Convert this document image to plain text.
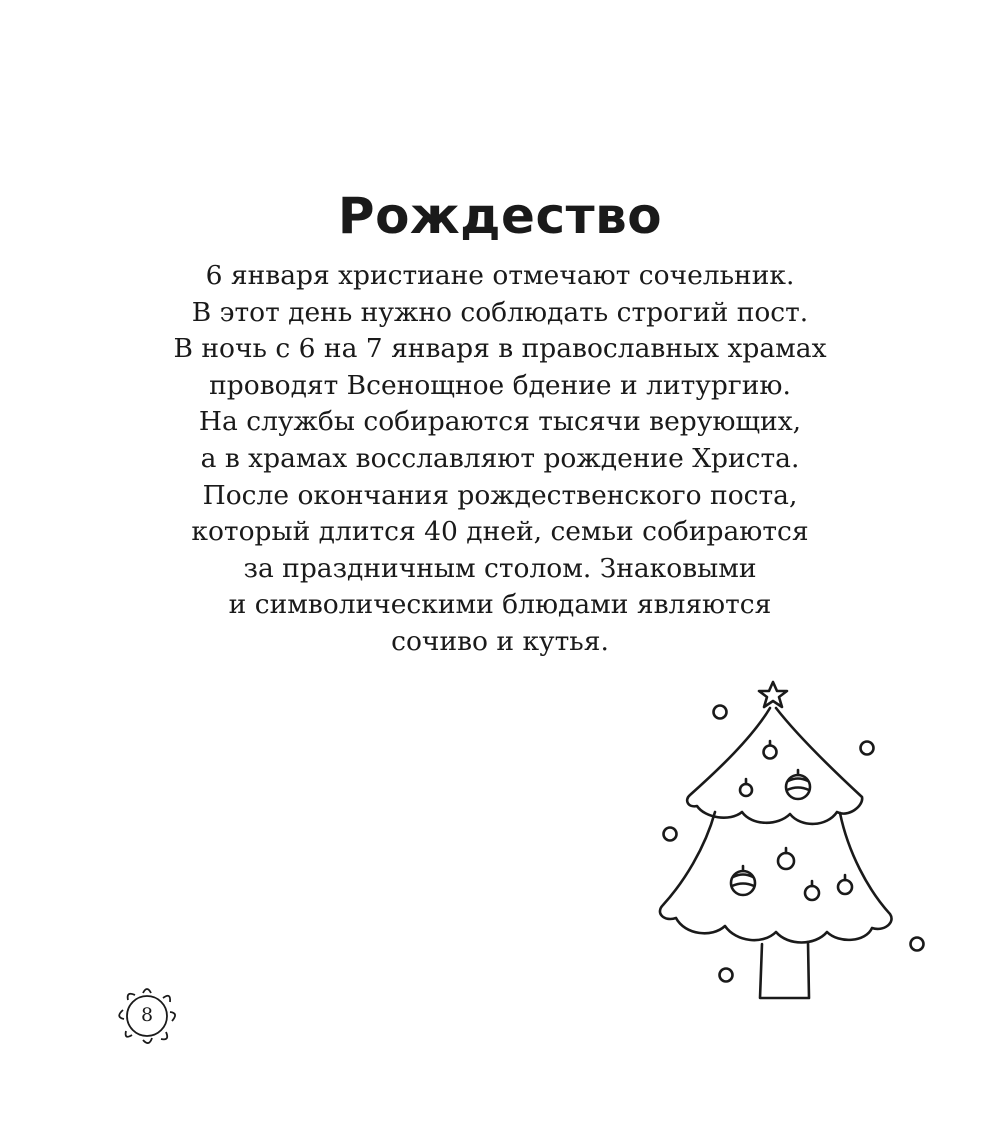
Рождество
6 января христиане отмечают сочельник.
В этот день нужно соблюдать строгий пост.
В ночь с 6 на 7 января в православных храмах
проводят Всенощное бдение и литургию.
На службы собираются тысячи верующих,
а в храмах восславляют рождение Христа.
После окончания рождественского поста,
который длится 40 дней, семьи собираются
за праздничным столом. Знаковыми
и символическими блюдами являются
сочиво и кутья.
8
